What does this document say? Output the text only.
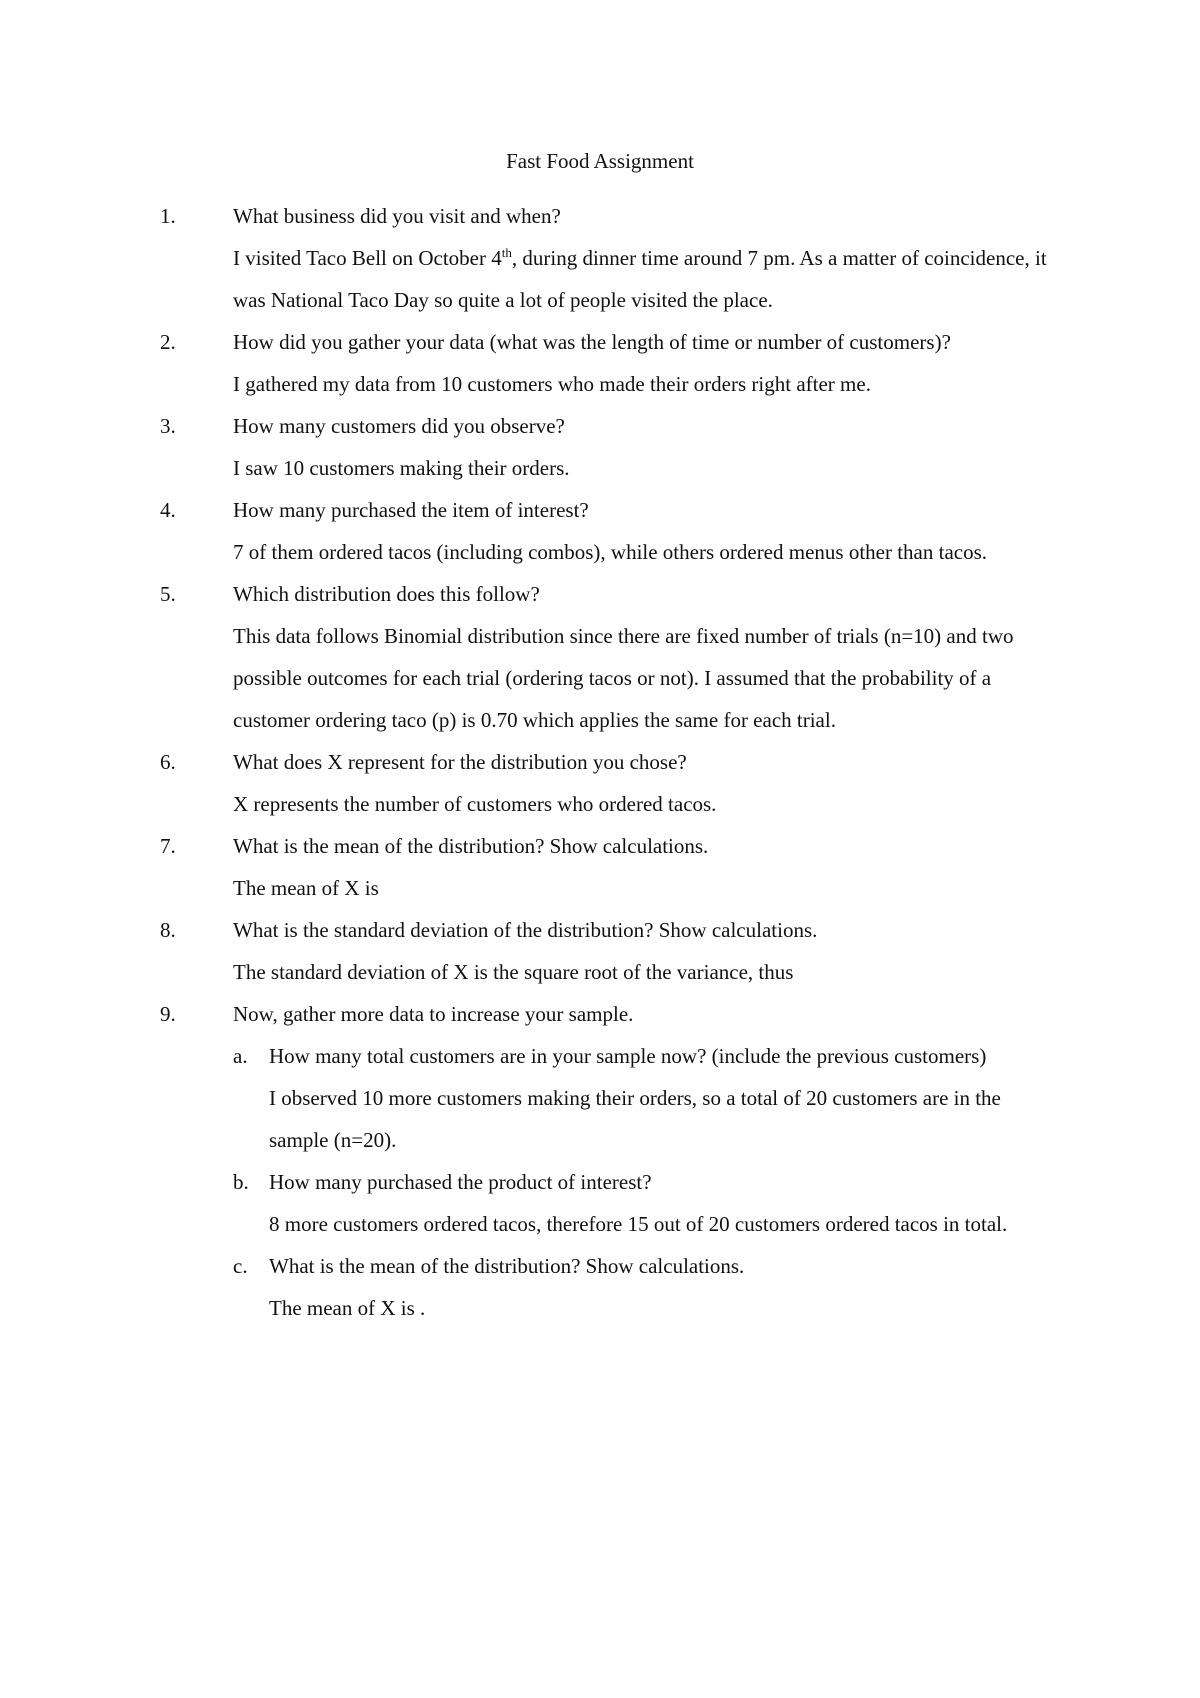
Fast Food Assignment
1.	What business did you visit and when?
I visited Taco Bell on October 4th, during dinner time around 7 pm. As a matter of coincidence, it was National Taco Day so quite a lot of people visited the place.
2.	How did you gather your data (what was the length of time or number of customers)?
I gathered my data from 10 customers who made their orders right after me.
3.	How many customers did you observe?
I saw 10 customers making their orders.
4.	How many purchased the item of interest?
7 of them ordered tacos (including combos), while others ordered menus other than tacos.
5.	Which distribution does this follow?
This data follows Binomial distribution since there are fixed number of trials (n=10) and two possible outcomes for each trial (ordering tacos or not). I assumed that the probability of a customer ordering taco (p) is 0.70 which applies the same for each trial.
6.	What does X represent for the distribution you chose?
X represents the number of customers who ordered tacos.
7.	What is the mean of the distribution? Show calculations.
The mean of X is
8.	What is the standard deviation of the distribution? Show calculations.
The standard deviation of X is the square root of the variance, thus
9.	Now, gather more data to increase your sample.
a.	How many total customers are in your sample now? (include the previous customers)
I observed 10 more customers making their orders, so a total of 20 customers are in the sample (n=20).
b. How many purchased the product of interest?
8 more customers ordered tacos, therefore 15 out of 20 customers ordered tacos in total.
c.	What is the mean of the distribution? Show calculations.
The mean of X is .
